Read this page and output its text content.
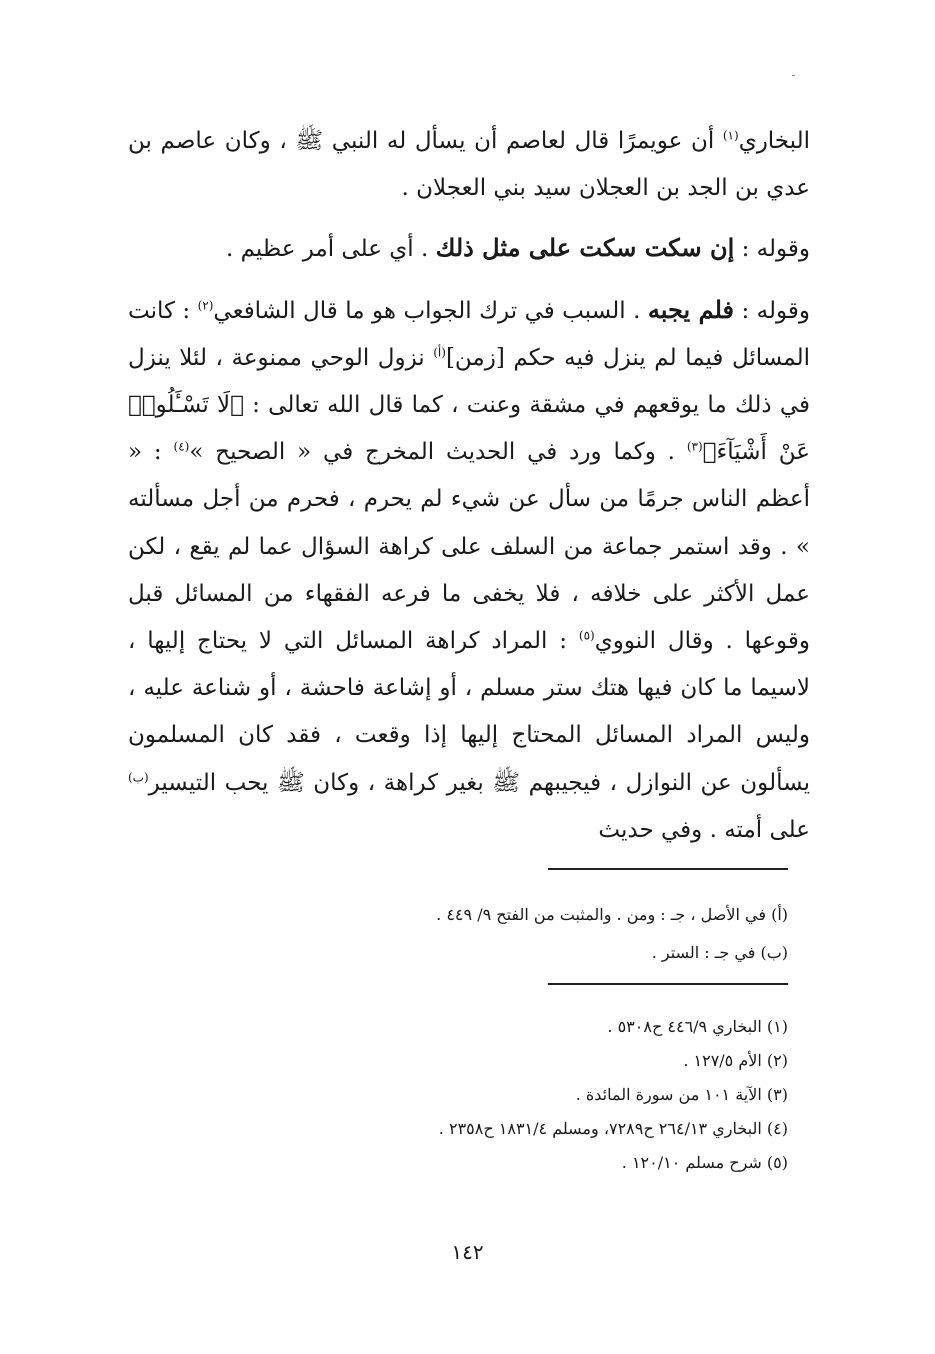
البخاري$^{(١)}$ أن عويمرًا قال لعاصم أن يسأل له النبي ﷺ ، وكان عاصم بن عدي بن الجد بن العجلان سيد بني العجلان .

وقوله : إن سكت سكت على مثل ذلك . أي على أمر عظيم .

وقوله : فلم يجبه . السبب في ترك الجواب هو ما قال الشافعي$^{(٢)}$ : كانت المسائل فيما لم ينزل فيه حكم [زمن]$^{(أ)}$ نزول الوحي ممنوعة ، لئلا ينزل في ذلك ما يوقعهم في مشقة وعنت ، كما قال الله تعالى : ﴿لَا تَسْـَٔلُوا۟ عَنْ أَشْيَآءَ﴾$^{(٣)}$ . وكما ورد في الحديث المخرج في « الصحيح »$^{(٤)}$ : « أعظم الناس جرمًا من سأل عن شيء لم يحرم ، فحرم من أجل مسألته » . وقد استمر جماعة من السلف على كراهة السؤال عما لم يقع ، لكن عمل الأكثر على خلافه ، فلا يخفى ما فرعه الفقهاء من المسائل قبل وقوعها . وقال النووي$^{(٥)}$ : المراد كراهة المسائل التي لا يحتاج إليها ، لاسيما ما كان فيها هتك ستر مسلم ، أو إشاعة فاحشة ، أو شناعة عليه ، وليس المراد المسائل المحتاج إليها إذا وقعت ، فقد كان المسلمون يسألون عن النوازل ، فيجيبهم ﷺ بغير كراهة ، وكان ﷺ يحب التيسير$^{(ب)}$ على أمته . وفي حديث

(أ) في الأصل ، جـ : ومن . والمثبت من الفتح ٩/ ٤٤٩ .
(ب) في جـ : الستر .
(١) البخاري ٤٤٦/٩ ح٥٣٠٨ .
(٢) الأم ١٢٧/٥ .
(٣) الآية ١٠١ من سورة المائدة .
(٤) البخاري ٢٦٤/١٣ ح٧٢٨٩، ومسلم ١٨٣١/٤ ح٢٣٥٨ .
(٥) شرح مسلم ١٢٠/١٠ .
١٤٢
